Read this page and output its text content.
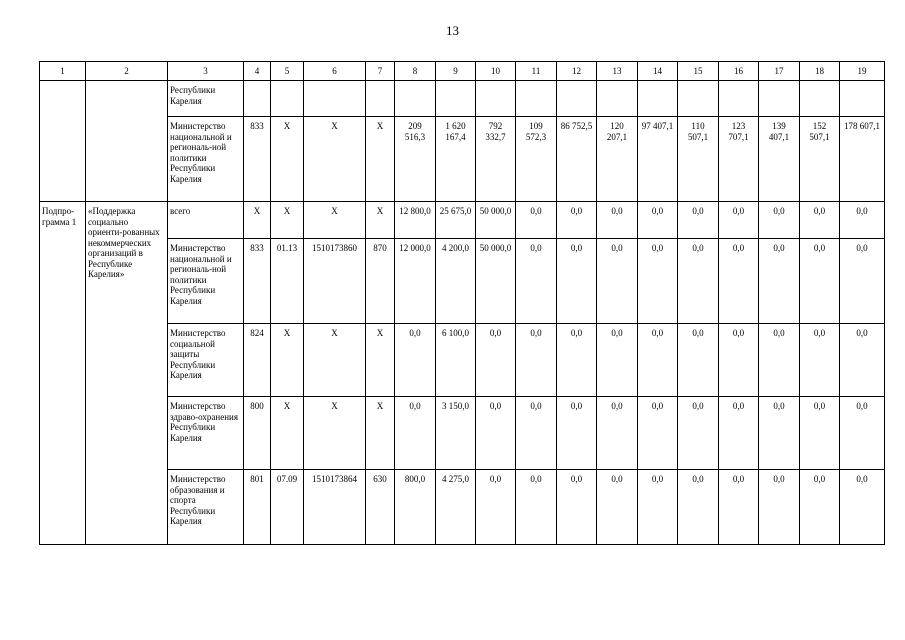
13
1	2	3	4	5	6	7	8	9	10	11	12	13	14	15	16	17	18	19
		Республики Карелия																
		Министерство национальной и региональ-ной политики Республики Карелия	833	X	X	X	209 516,3	1 620 167,4	792 332,7	109 572,3	86 752,5	120 207,1	97 407,1	110 507,1	123 707,1	139 407,1	152 507,1	178 607,1
Подпро-грамма 1	«Поддержка социально ориенти-рованных некоммерческих организаций в Республике Карелия»	всего	X	X	X	X	12 800,0	25 675,0	50 000,0	0,0	0,0	0,0	0,0	0,0	0,0	0,0	0,0	0,0
		Министерство национальной и региональ-ной политики Республики Карелия	833	01.13	1510173860	870	12 000,0	4 200,0	50 000,0	0,0	0,0	0,0	0,0	0,0	0,0	0,0	0,0	0,0
		Министерство социальной защиты Республики Карелия	824	X	X	X	0,0	6 100,0	0,0	0,0	0,0	0,0	0,0	0,0	0,0	0,0	0,0	0,0
		Министерство здраво-охранения Республики Карелия	800	X	X	X	0,0	3 150,0	0,0	0,0	0,0	0,0	0,0	0,0	0,0	0,0	0,0	0,0
		Министерство образования и спорта Республики Карелия	801	07.09	1510173864	630	800,0	4 275,0	0,0	0,0	0,0	0,0	0,0	0,0	0,0	0,0	0,0	0,0
